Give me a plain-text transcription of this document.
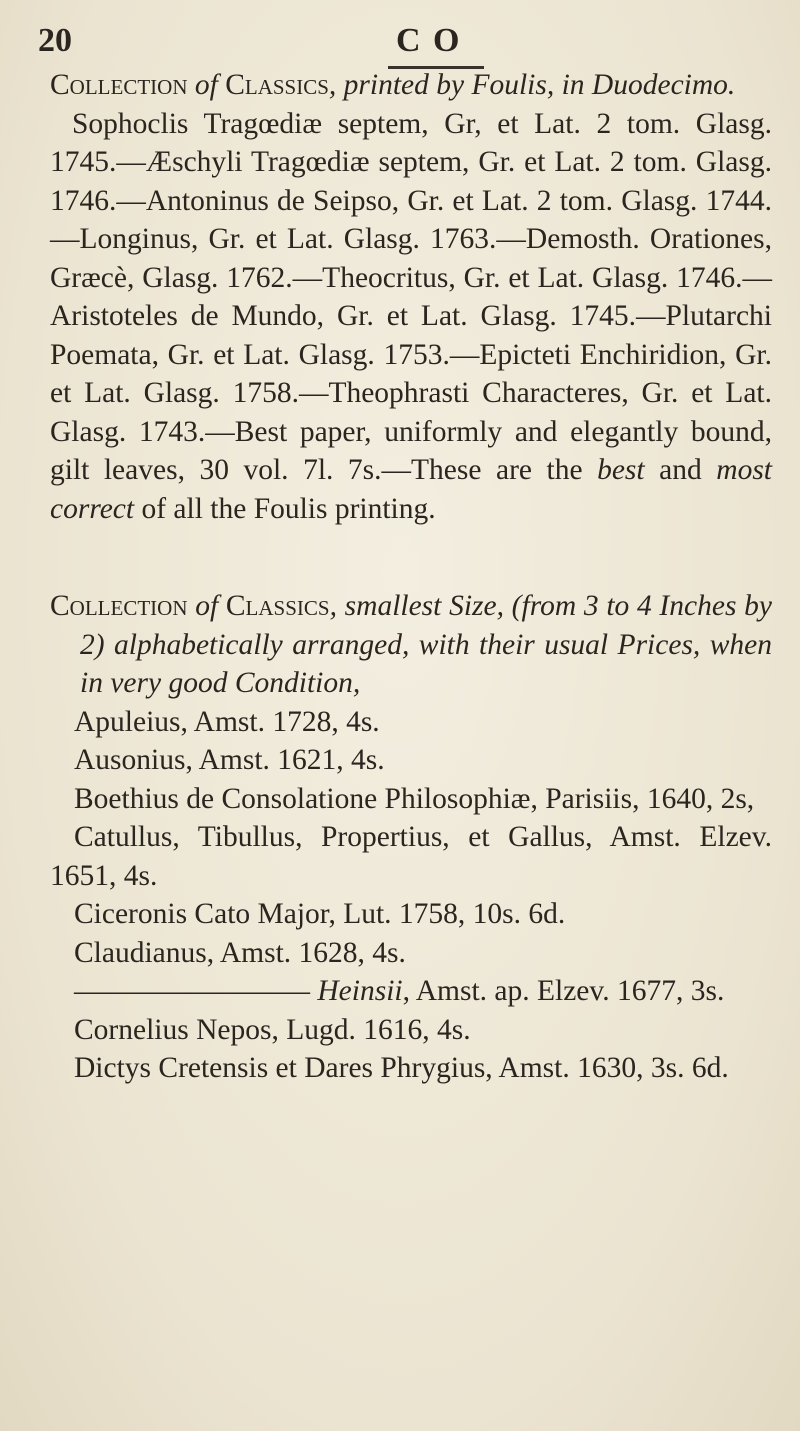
20	C O
Collection of Classics, printed by Foulis, in Duodecimo.
Sophoclis Tragœdiæ septem, Gr, et Lat. 2 tom. Glasg. 1745.—Æschyli Tragœdiæ septem, Gr. et Lat. 2 tom. Glasg. 1746.—Antoninus de Seipso, Gr. et Lat. 2 tom. Glasg. 1744.—Longinus, Gr. et Lat. Glasg. 1763.—Demosth. Orationes, Græcè, Glasg. 1762.—Theocritus, Gr. et Lat. Glasg. 1746.—Aristoteles de Mundo, Gr. et Lat. Glasg. 1745.—Plutarchi Poemata, Gr. et Lat. Glasg. 1753.—Epicteti Enchiridion, Gr. et Lat. Glasg. 1758.—Theophrasti Characteres, Gr. et Lat. Glasg. 1743.—Best paper, uniformly and elegantly bound, gilt leaves, 30 vol. 7l. 7s.—These are the best and most correct of all the Foulis printing.
Collection of Classics, smallest Size, (from 3 to 4 Inches by 2) alphabetically arranged, with their usual Prices, when in very good Condition,

Apuleius, Amst. 1728, 4s.

Ausonius, Amst. 1621, 4s.

Boethius de Consolatione Philosophiæ, Parisiis, 1640, 2s,

Catullus, Tibullus, Propertius, et Gallus, Amst. Elzev. 1651, 4s.

Ciceronis Cato Major, Lut. 1758, 10s. 6d.

Claudianus, Amst. 1628, 4s.

———————— Heinsii, Amst. ap. Elzev. 1677, 3s.

Cornelius Nepos, Lugd. 1616, 4s.

Dictys Cretensis et Dares Phrygius, Amst. 1630, 3s. 6d.
